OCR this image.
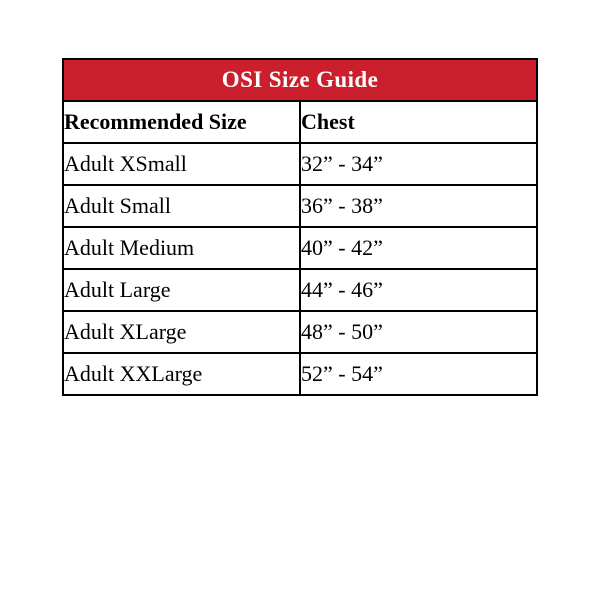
OSI Size Guide	
Recommended Size	Chest
Adult XSmall	32” - 34”
Adult Small	36” - 38”
Adult Medium	40” - 42”
Adult Large	44” - 46”
Adult XLarge	48” - 50”
Adult XXLarge	52” - 54”
